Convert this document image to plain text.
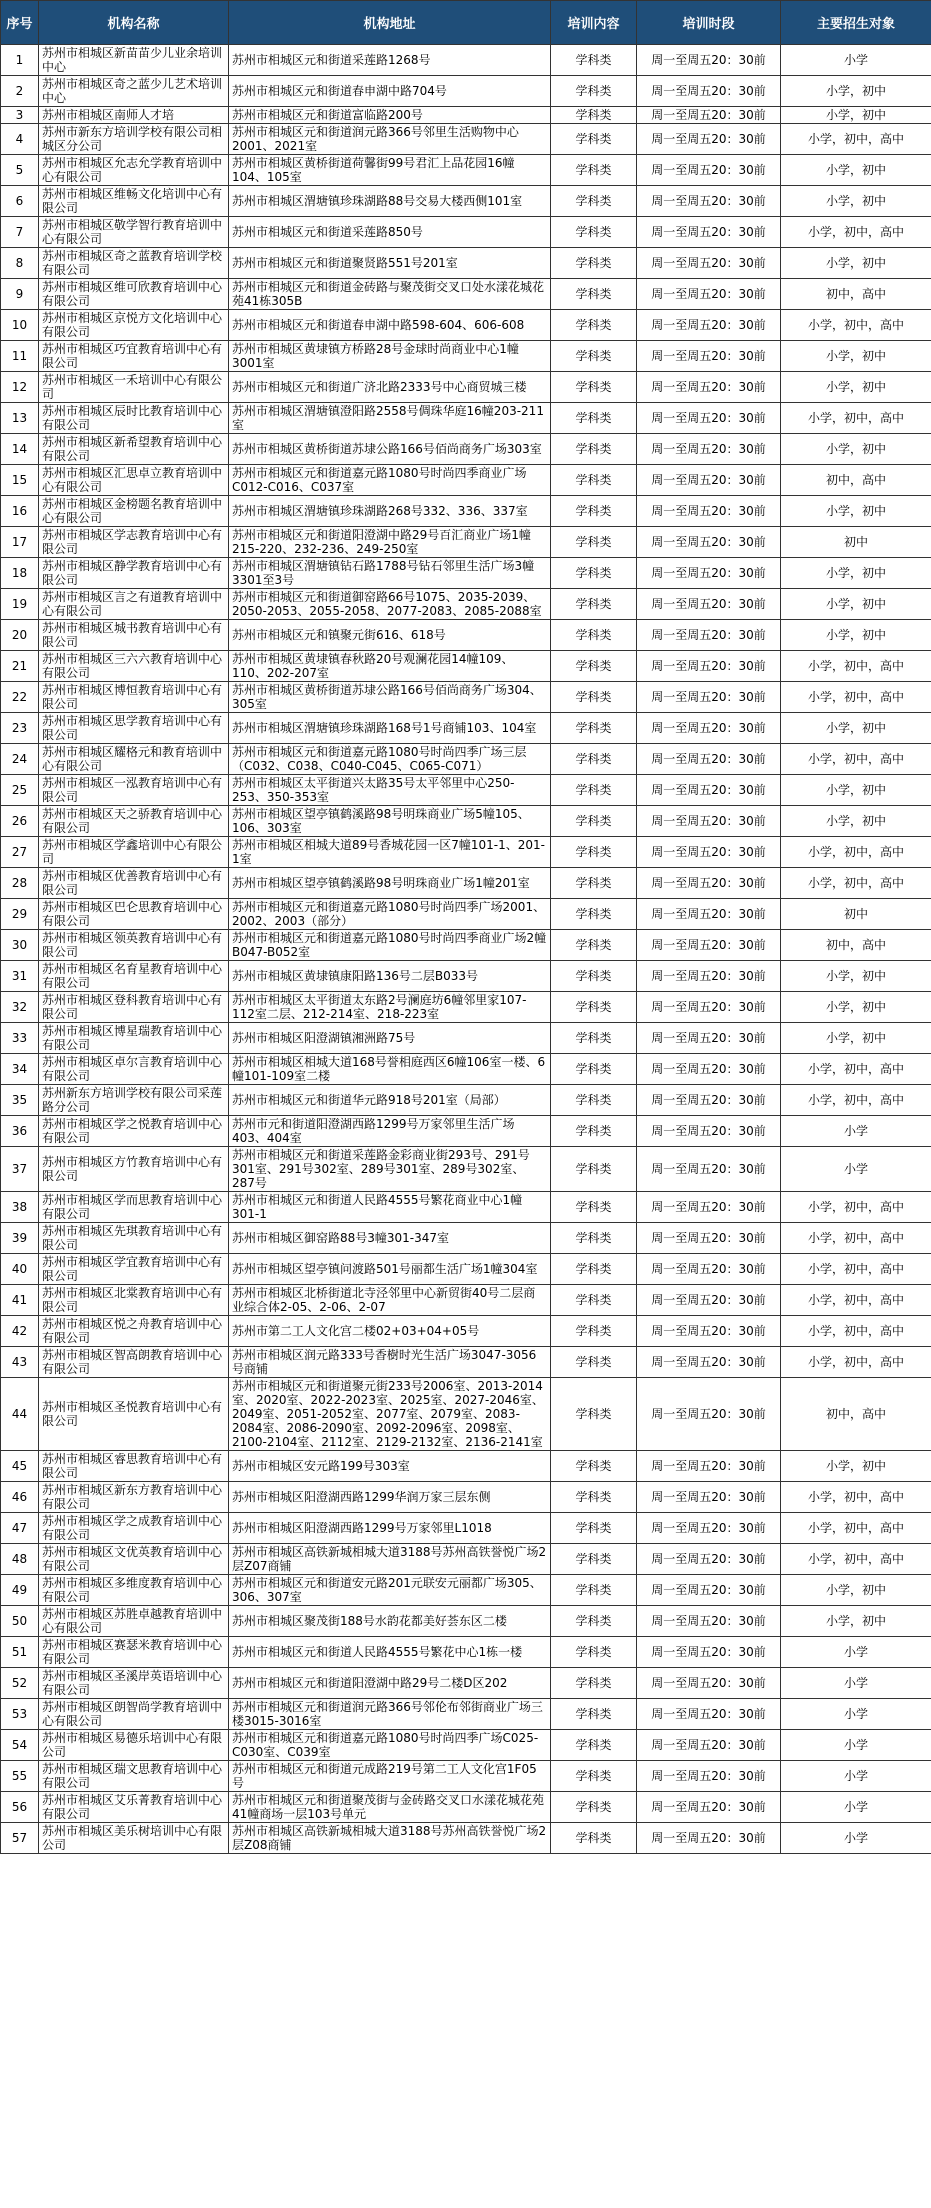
序号	机构名称	机构地址	培训内容	培训时段	主要招生对象
1	苏州市相城区新苗苗少儿业余培训中心	苏州市相城区元和街道采莲路1268号	学科类	周一至周五20：30前	小学
2	苏州市相城区奇之蓝少儿艺术培训中心	苏州市相城区元和街道春申湖中路704号	学科类	周一至周五20：30前	小学，初中
3	苏州市相城区南师人才培	苏州市相城区元和街道富临路200号	学科类	周一至周五20：30前	小学，初中
4	苏州市新东方培训学校有限公司相城区分公司	苏州市相城区元和街道润元路366号邻里生活购物中心2001、2021室	学科类	周一至周五20：30前	小学，初中，高中
5	苏州市相城区允志允学教育培训中心有限公司	苏州市相城区黄桥街道荷馨街99号君汇上品花园16幢104、105室	学科类	周一至周五20：30前	小学，初中
6	苏州市相城区维畅文化培训中心有限公司	苏州市相城区渭塘镇珍珠湖路88号交易大楼西侧101室	学科类	周一至周五20：30前	小学，初中
7	苏州市相城区敬学智行教育培训中心有限公司	苏州市相城区元和街道采莲路850号	学科类	周一至周五20：30前	小学，初中，高中
8	苏州市相城区奇之蓝教育培训学校有限公司	苏州市相城区元和街道聚贤路551号201室	学科类	周一至周五20：30前	小学，初中
9	苏州市相城区维可欣教育培训中心有限公司	苏州市相城区元和街道金砖路与聚茂街交叉口处水漾花城花苑41栋305B	学科类	周一至周五20：30前	初中，高中
10	苏州市相城区京悦方文化培训中心有限公司	苏州市相城区元和街道春申湖中路598-604、606-608	学科类	周一至周五20：30前	小学，初中，高中
11	苏州市相城区巧宜教育培训中心有限公司	苏州市相城区黄埭镇方桥路28号金球时尚商业中心1幢3001室	学科类	周一至周五20：30前	小学，初中
12	苏州市相城区一禾培训中心有限公司	苏州市相城区元和街道广济北路2333号中心商贸城三楼	学科类	周一至周五20：30前	小学，初中
13	苏州市相城区辰时比教育培训中心有限公司	苏州市相城区渭塘镇澄阳路2558号倜珠华庭16幢203-211室	学科类	周一至周五20：30前	小学，初中，高中
14	苏州市相城区新希望教育培训中心有限公司	苏州市相城区黄桥街道苏埭公路166号佰尚商务广场303室	学科类	周一至周五20：30前	小学，初中
15	苏州市相城区汇思卓立教育培训中心有限公司	苏州市相城区元和街道嘉元路1080号时尚四季商业广场C012-C016、C037室	学科类	周一至周五20：30前	初中，高中
16	苏州市相城区金榜题名教育培训中心有限公司	苏州市相城区渭塘镇珍珠湖路268号332、336、337室	学科类	周一至周五20：30前	小学，初中
17	苏州市相城区学志教育培训中心有限公司	苏州市相城区元和街道阳澄湖中路29号百汇商业广场1幢215-220、232-236、249-250室	学科类	周一至周五20：30前	初中
18	苏州市相城区静学教育培训中心有限公司	苏州市相城区渭塘镇钻石路1788号钻石邻里生活广场3幢3301至3号	学科类	周一至周五20：30前	小学，初中
19	苏州市相城区言之有道教育培训中心有限公司	苏州市相城区元和街道御窑路66号1075、2035-2039、2050-2053、2055-2058、2077-2083、2085-2088室	学科类	周一至周五20：30前	小学，初中
20	苏州市相城区城书教育培训中心有限公司	苏州市相城区元和镇聚元街616、618号	学科类	周一至周五20：30前	小学，初中
21	苏州市相城区三六六教育培训中心有限公司	苏州市相城区黄埭镇春秋路20号观澜花园14幢109、110、202-207室	学科类	周一至周五20：30前	小学，初中，高中
22	苏州市相城区博恒教育培训中心有限公司	苏州市相城区黄桥街道苏埭公路166号佰尚商务广场304、305室	学科类	周一至周五20：30前	小学，初中，高中
23	苏州市相城区思学教育培训中心有限公司	苏州市相城区渭塘镇珍珠湖路168号1号商铺103、104室	学科类	周一至周五20：30前	小学，初中
24	苏州市相城区耀格元和教育培训中心有限公司	苏州市相城区元和街道嘉元路1080号时尚四季广场三层（C032、C038、C040-C045、C065-C071）	学科类	周一至周五20：30前	小学，初中，高中
25	苏州市相城区一泓教育培训中心有限公司	苏州市相城区太平街道兴太路35号太平邻里中心250-253、350-353室	学科类	周一至周五20：30前	小学，初中
26	苏州市相城区天之骄教育培训中心有限公司	苏州市相城区望亭镇鹤溪路98号明珠商业广场5幢105、106、303室	学科类	周一至周五20：30前	小学，初中
27	苏州市相城区学鑫培训中心有限公司	苏州市相城区相城大道89号香城花园一区7幢101-1、201-1室	学科类	周一至周五20：30前	小学，初中，高中
28	苏州市相城区优善教育培训中心有限公司	苏州市相城区望亭镇鹤溪路98号明珠商业广场1幢201室	学科类	周一至周五20：30前	小学，初中，高中
29	苏州市相城区巴仑思教育培训中心有限公司	苏州市相城区元和街道嘉元路1080号时尚四季广场2001、2002、2003（部分）	学科类	周一至周五20：30前	初中
30	苏州市相城区领英教育培训中心有限公司	苏州市相城区元和街道嘉元路1080号时尚四季商业广场2幢B047-B052室	学科类	周一至周五20：30前	初中，高中
31	苏州市相城区名育星教育培训中心有限公司	苏州市相城区黄埭镇康阳路136号二层B033号	学科类	周一至周五20：30前	小学，初中
32	苏州市相城区登科教育培训中心有限公司	苏州市相城区太平街道太东路2号澜庭坊6幢邻里家107-112室二层、212-214室、218-223室	学科类	周一至周五20：30前	小学，初中
33	苏州市相城区博星瑞教育培训中心有限公司	苏州市相城区阳澄湖镇湘洲路75号	学科类	周一至周五20：30前	小学，初中
34	苏州市相城区卓尔言教育培训中心有限公司	苏州市相城区相城大道168号誉相庭西区6幢106室一楼、6幢101-109室二楼	学科类	周一至周五20：30前	小学，初中，高中
35	苏州新东方培训学校有限公司采莲路分公司	苏州市相城区元和街道华元路918号201室（局部）	学科类	周一至周五20：30前	小学，初中，高中
36	苏州市相城区学之悦教育培训中心有限公司	苏州市元和街道阳澄湖西路1299号万家邻里生活广场403、404室	学科类	周一至周五20：30前	小学
37	苏州市相城区方竹教育培训中心有限公司	苏州市相城区元和街道采莲路金彩商业街293号、291号301室、291号302室、289号301室、289号302室、287号	学科类	周一至周五20：30前	小学
38	苏州市相城区学而思教育培训中心有限公司	苏州市相城区元和街道人民路4555号繁花商业中心1幢301-1	学科类	周一至周五20：30前	小学，初中，高中
39	苏州市相城区先琪教育培训中心有限公司	苏州市相城区御窑路88号3幢301-347室	学科类	周一至周五20：30前	小学，初中，高中
40	苏州市相城区学宜教育培训中心有限公司	苏州市相城区望亭镇问渡路501号丽都生活广场1幢304室	学科类	周一至周五20：30前	小学，初中，高中
41	苏州市相城区北棠教育培训中心有限公司	苏州市相城区北桥街道北寺泾邻里中心新贸街40号二层商业综合体2-05、2-06、2-07	学科类	周一至周五20：30前	小学，初中，高中
42	苏州市相城区悦之舟教育培训中心有限公司	苏州市第二工人文化宫二楼02+03+04+05号	学科类	周一至周五20：30前	小学，初中，高中
43	苏州市相城区智高朗教育培训中心有限公司	苏州市相城区润元路333号香樹时光生活广场3047-3056号商铺	学科类	周一至周五20：30前	小学，初中，高中
44	苏州市相城区圣悦教育培训中心有限公司	苏州市相城区元和街道聚元街233号2006室、2013-2014室、2020室、2022-2023室、2025室、2027-2046室、2049室、2051-2052室、2077室、2079室、2083-2084室、2086-2090室、2092-2096室、2098室、2100-2104室、2112室、2129-2132室、2136-2141室	学科类	周一至周五20：30前	初中，高中
45	苏州市相城区睿思教育培训中心有限公司	苏州市相城区安元路199号303室	学科类	周一至周五20：30前	小学，初中
46	苏州市相城区新东方教育培训中心有限公司	苏州市相城区阳澄湖西路1299华润万家三层东侧	学科类	周一至周五20：30前	小学，初中，高中
47	苏州市相城区学之成教育培训中心有限公司	苏州市相城区阳澄湖西路1299号万家邻里L1018	学科类	周一至周五20：30前	小学，初中，高中
48	苏州市相城区文优英教育培训中心有限公司	苏州市相城区高铁新城相城大道3188号苏州高铁誉悦广场2层Z07商铺	学科类	周一至周五20：30前	小学，初中，高中
49	苏州市相城区多维度教育培训中心有限公司	苏州市相城区元和街道安元路201元联安元丽都广场305、306、307室	学科类	周一至周五20：30前	小学，初中
50	苏州市相城区苏胜卓越教育培训中心有限公司	苏州市相城区聚茂街188号水韵花都美好荟东区二楼	学科类	周一至周五20：30前	小学，初中
51	苏州市相城区赛瑟米教育培训中心有限公司	苏州市相城区元和街道人民路4555号繁花中心1栋一楼	学科类	周一至周五20：30前	小学
52	苏州市相城区圣溪岸英语培训中心有限公司	苏州市相城区元和街道阳澄湖中路29号二楼D区202	学科类	周一至周五20：30前	小学
53	苏州市相城区朗智尚学教育培训中心有限公司	苏州市相城区元和街道润元路366号邻伦布邻街商业广场三楼3015-3016室	学科类	周一至周五20：30前	小学
54	苏州市相城区易德乐培训中心有限公司	苏州市相城区元和街道嘉元路1080号时尚四季广场C025-C030室、C039室	学科类	周一至周五20：30前	小学
55	苏州市相城区瑞文思教育培训中心有限公司	苏州市相城区元和街道元成路219号第二工人文化宫1F05号	学科类	周一至周五20：30前	小学
56	苏州市相城区艾乐菁教育培训中心有限公司	苏州市相城区元和街道聚茂街与金砖路交叉口水漾花城花苑41幢商场一层103号单元	学科类	周一至周五20：30前	小学
57	苏州市相城区美乐树培训中心有限公司	苏州市相城区高铁新城相城大道3188号苏州高铁誉悦广场2层Z08商铺	学科类	周一至周五20：30前	小学
